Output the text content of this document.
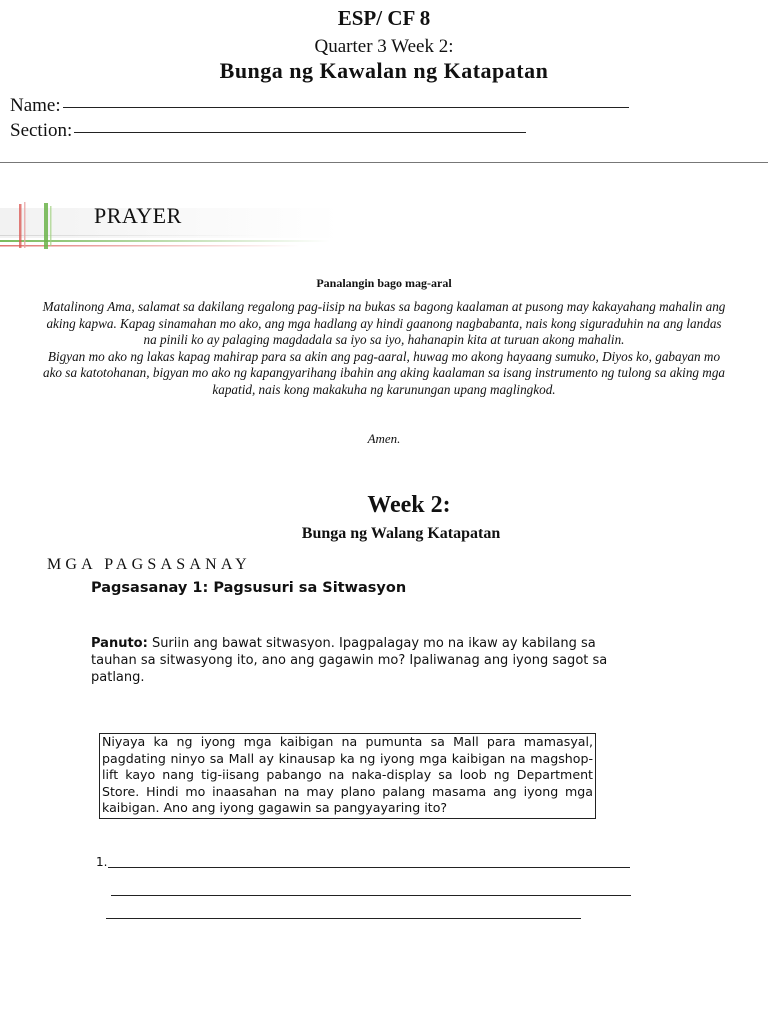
ESP/ CF 8
Quarter 3 Week 2:
Bunga ng Kawalan ng Katapatan
Name:
Section:
PRAYER
Panalangin bago mag-aral

Matalinong Ama, salamat sa dakilang regalong pag-iisip na bukas sa bagong kaalaman at pusong may kakayahang mahalin ang aking kapwa. Kapag sinamahan mo ako, ang mga hadlang ay hindi gaanong nagbabanta, nais kong siguraduhin na ang landas na pinili ko ay palaging magdadala sa iyo sa iyo, hahanapin kita at turuan akong mahalin.
Bigyan mo ako ng lakas kapag mahirap para sa akin ang pag-aaral, huwag mo akong hayaang sumuko, Diyos ko, gabayan mo ako sa katotohanan, bigyan mo ako ng kapangyarihang ibahin ang aking kaalaman sa isang instrumento ng tulong sa aking mga kapatid, nais kong makakuha ng karunungan upang maglingkod.

Amen.
Week 2:
Bunga ng Walang Katapatan
MGA PAGSASANAY
Pagsasanay 1: Pagsusuri sa Sitwasyon

Panuto: Suriin ang bawat sitwasyon. Ipagpalagay mo na ikaw ay kabilang sa tauhan sa sitwasyong ito, ano ang gagawin mo? Ipaliwanag ang iyong sagot sa patlang.

Niyaya ka ng iyong mga kaibigan na pumunta sa Mall para mamasyal, pagdating ninyo sa Mall ay kinausap ka ng iyong mga kaibigan na magshop-lift kayo nang tig-iisang pabango na naka-display sa loob ng Department Store. Hindi mo inaasahan na may plano palang masama ang iyong mga kaibigan. Ano ang iyong gagawin sa pangyayaring ito?

1.
